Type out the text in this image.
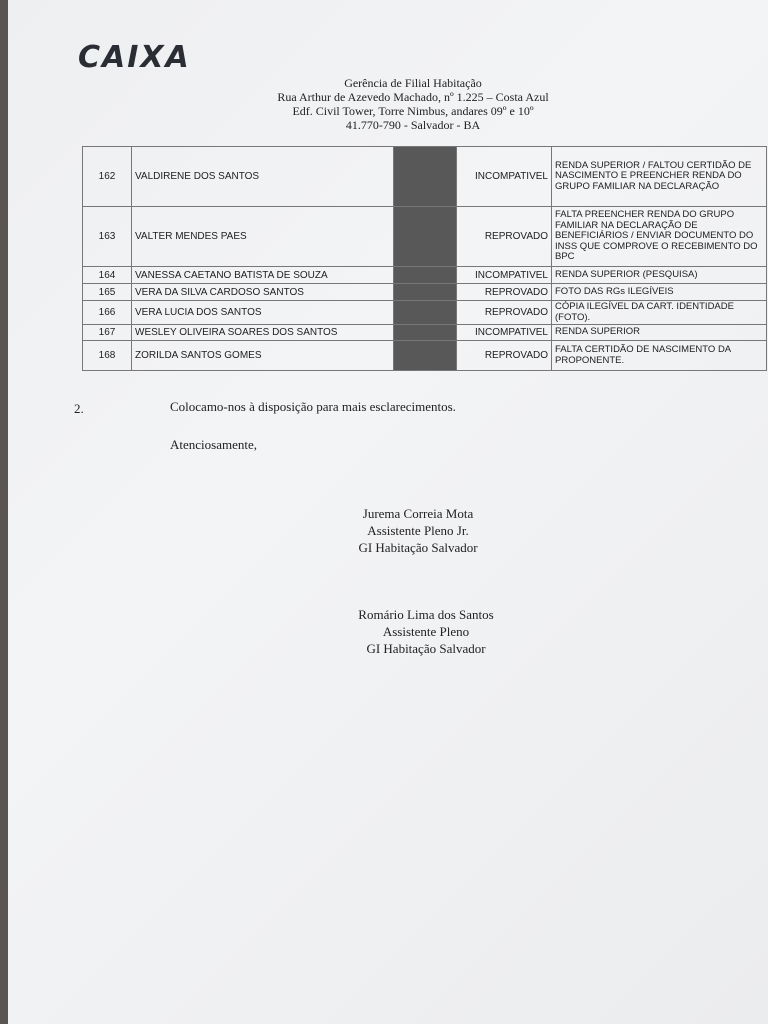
CAIXA
Gerência de Filial Habitação
Rua Arthur de Azevedo Machado, nº 1.225 – Costa Azul
Edf. Civil Tower, Torre Nimbus, andares 09º e 10º
41.770-790 - Salvador - BA
162	VALDIRENE DOS SANTOS		INCOMPATIVEL	RENDA SUPERIOR / FALTOU CERTIDÃO DE NASCIMENTO E PREENCHER RENDA DO GRUPO FAMILIAR NA DECLARAÇÃO
163	VALTER MENDES PAES		REPROVADO	FALTA PREENCHER RENDA DO GRUPO FAMILIAR NA DECLARAÇÃO DE BENEFICIÁRIOS / ENVIAR DOCUMENTO DO INSS QUE COMPROVE O RECEBIMENTO DO BPC
164	VANESSA CAETANO BATISTA DE SOUZA		INCOMPATIVEL	RENDA SUPERIOR (PESQUISA)
165	VERA DA SILVA CARDOSO SANTOS		REPROVADO	FOTO DAS RGs ILEGÍVEIS
166	VERA LUCIA DOS SANTOS		REPROVADO	CÓPIA ILEGÍVEL DA CART. IDENTIDADE (FOTO).
167	WESLEY OLIVEIRA SOARES DOS SANTOS		INCOMPATIVEL	RENDA SUPERIOR
168	ZORILDA SANTOS GOMES		REPROVADO	FALTA CERTIDÃO DE NASCIMENTO DA PROPONENTE.
2.	Colocamo-nos à disposição para mais esclarecimentos.
Atenciosamente,
Jurema Correia Mota
Assistente Pleno Jr.
GI Habitação Salvador
Romário Lima dos Santos
Assistente Pleno
GI Habitação Salvador
